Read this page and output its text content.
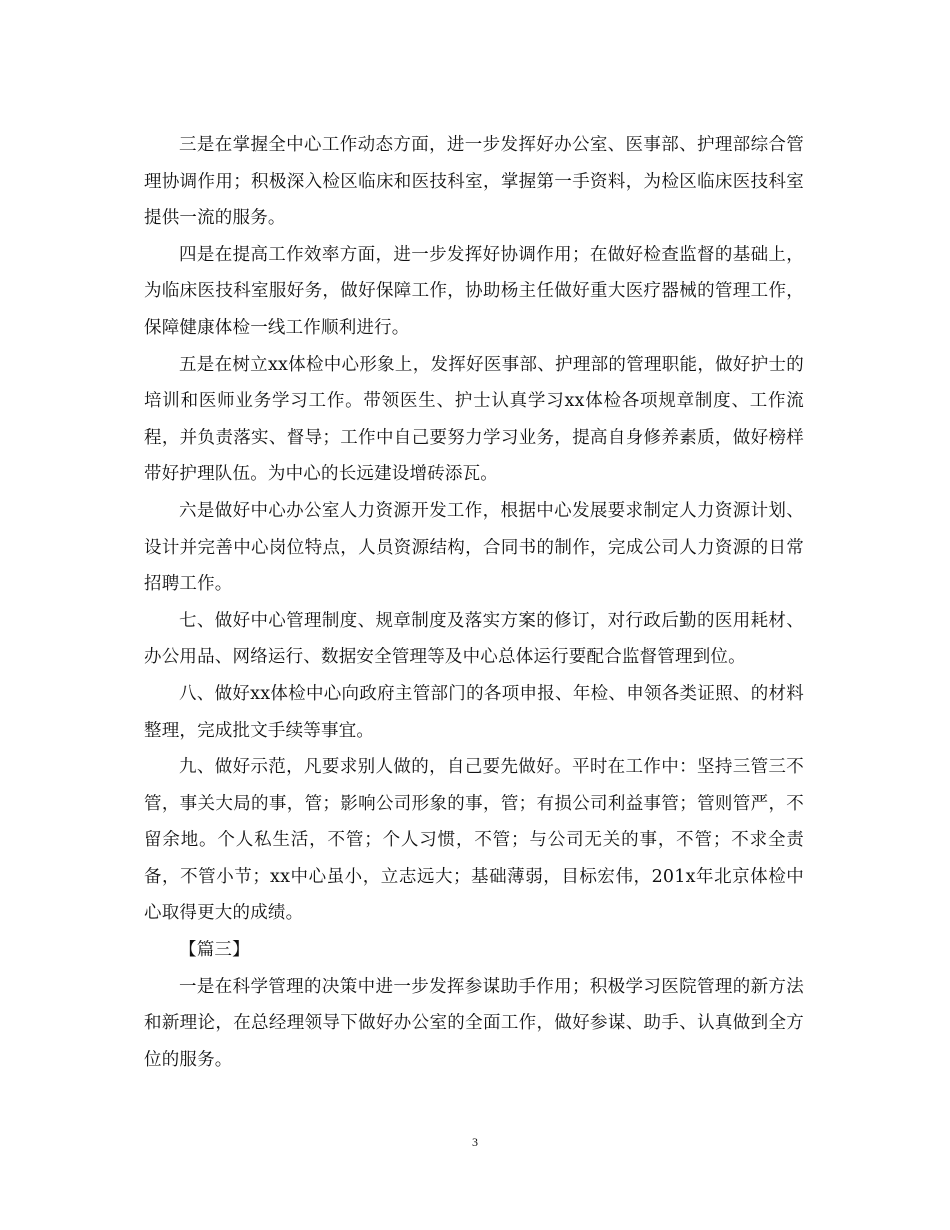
三是在掌握全中心工作动态方面，进一步发挥好办公室、医事部、护理部综合管理协调作用；积极深入检区临床和医技科室，掌握第一手资料，为检区临床医技科室提供一流的服务。

四是在提高工作效率方面，进一步发挥好协调作用；在做好检查监督的基础上，为临床医技科室服好务，做好保障工作，协助杨主任做好重大医疗器械的管理工作，保障健康体检一线工作顺利进行。

五是在树立xx体检中心形象上，发挥好医事部、护理部的管理职能，做好护士的培训和医师业务学习工作。带领医生、护士认真学习xx体检各项规章制度、工作流程，并负责落实、督导；工作中自己要努力学习业务，提高自身修养素质，做好榜样带好护理队伍。为中心的长远建设增砖添瓦。

六是做好中心办公室人力资源开发工作，根据中心发展要求制定人力资源计划、设计并完善中心岗位特点，人员资源结构，合同书的制作，完成公司人力资源的日常招聘工作。

七、做好中心管理制度、规章制度及落实方案的修订，对行政后勤的医用耗材、办公用品、网络运行、数据安全管理等及中心总体运行要配合监督管理到位。

八、做好xx体检中心向政府主管部门的各项申报、年检、申领各类证照、的材料整理，完成批文手续等事宜。

九、做好示范，凡要求别人做的，自己要先做好。平时在工作中：坚持三管三不管，事关大局的事，管；影响公司形象的事，管；有损公司利益事管；管则管严，不留余地。个人私生活，不管；个人习惯，不管；与公司无关的事，不管；不求全责备，不管小节；xx中心虽小，立志远大；基础薄弱，目标宏伟，201x年北京体检中心取得更大的成绩。

【篇三】

一是在科学管理的决策中进一步发挥参谋助手作用；积极学习医院管理的新方法和新理论，在总经理领导下做好办公室的全面工作，做好参谋、助手、认真做到全方位的服务。

3
